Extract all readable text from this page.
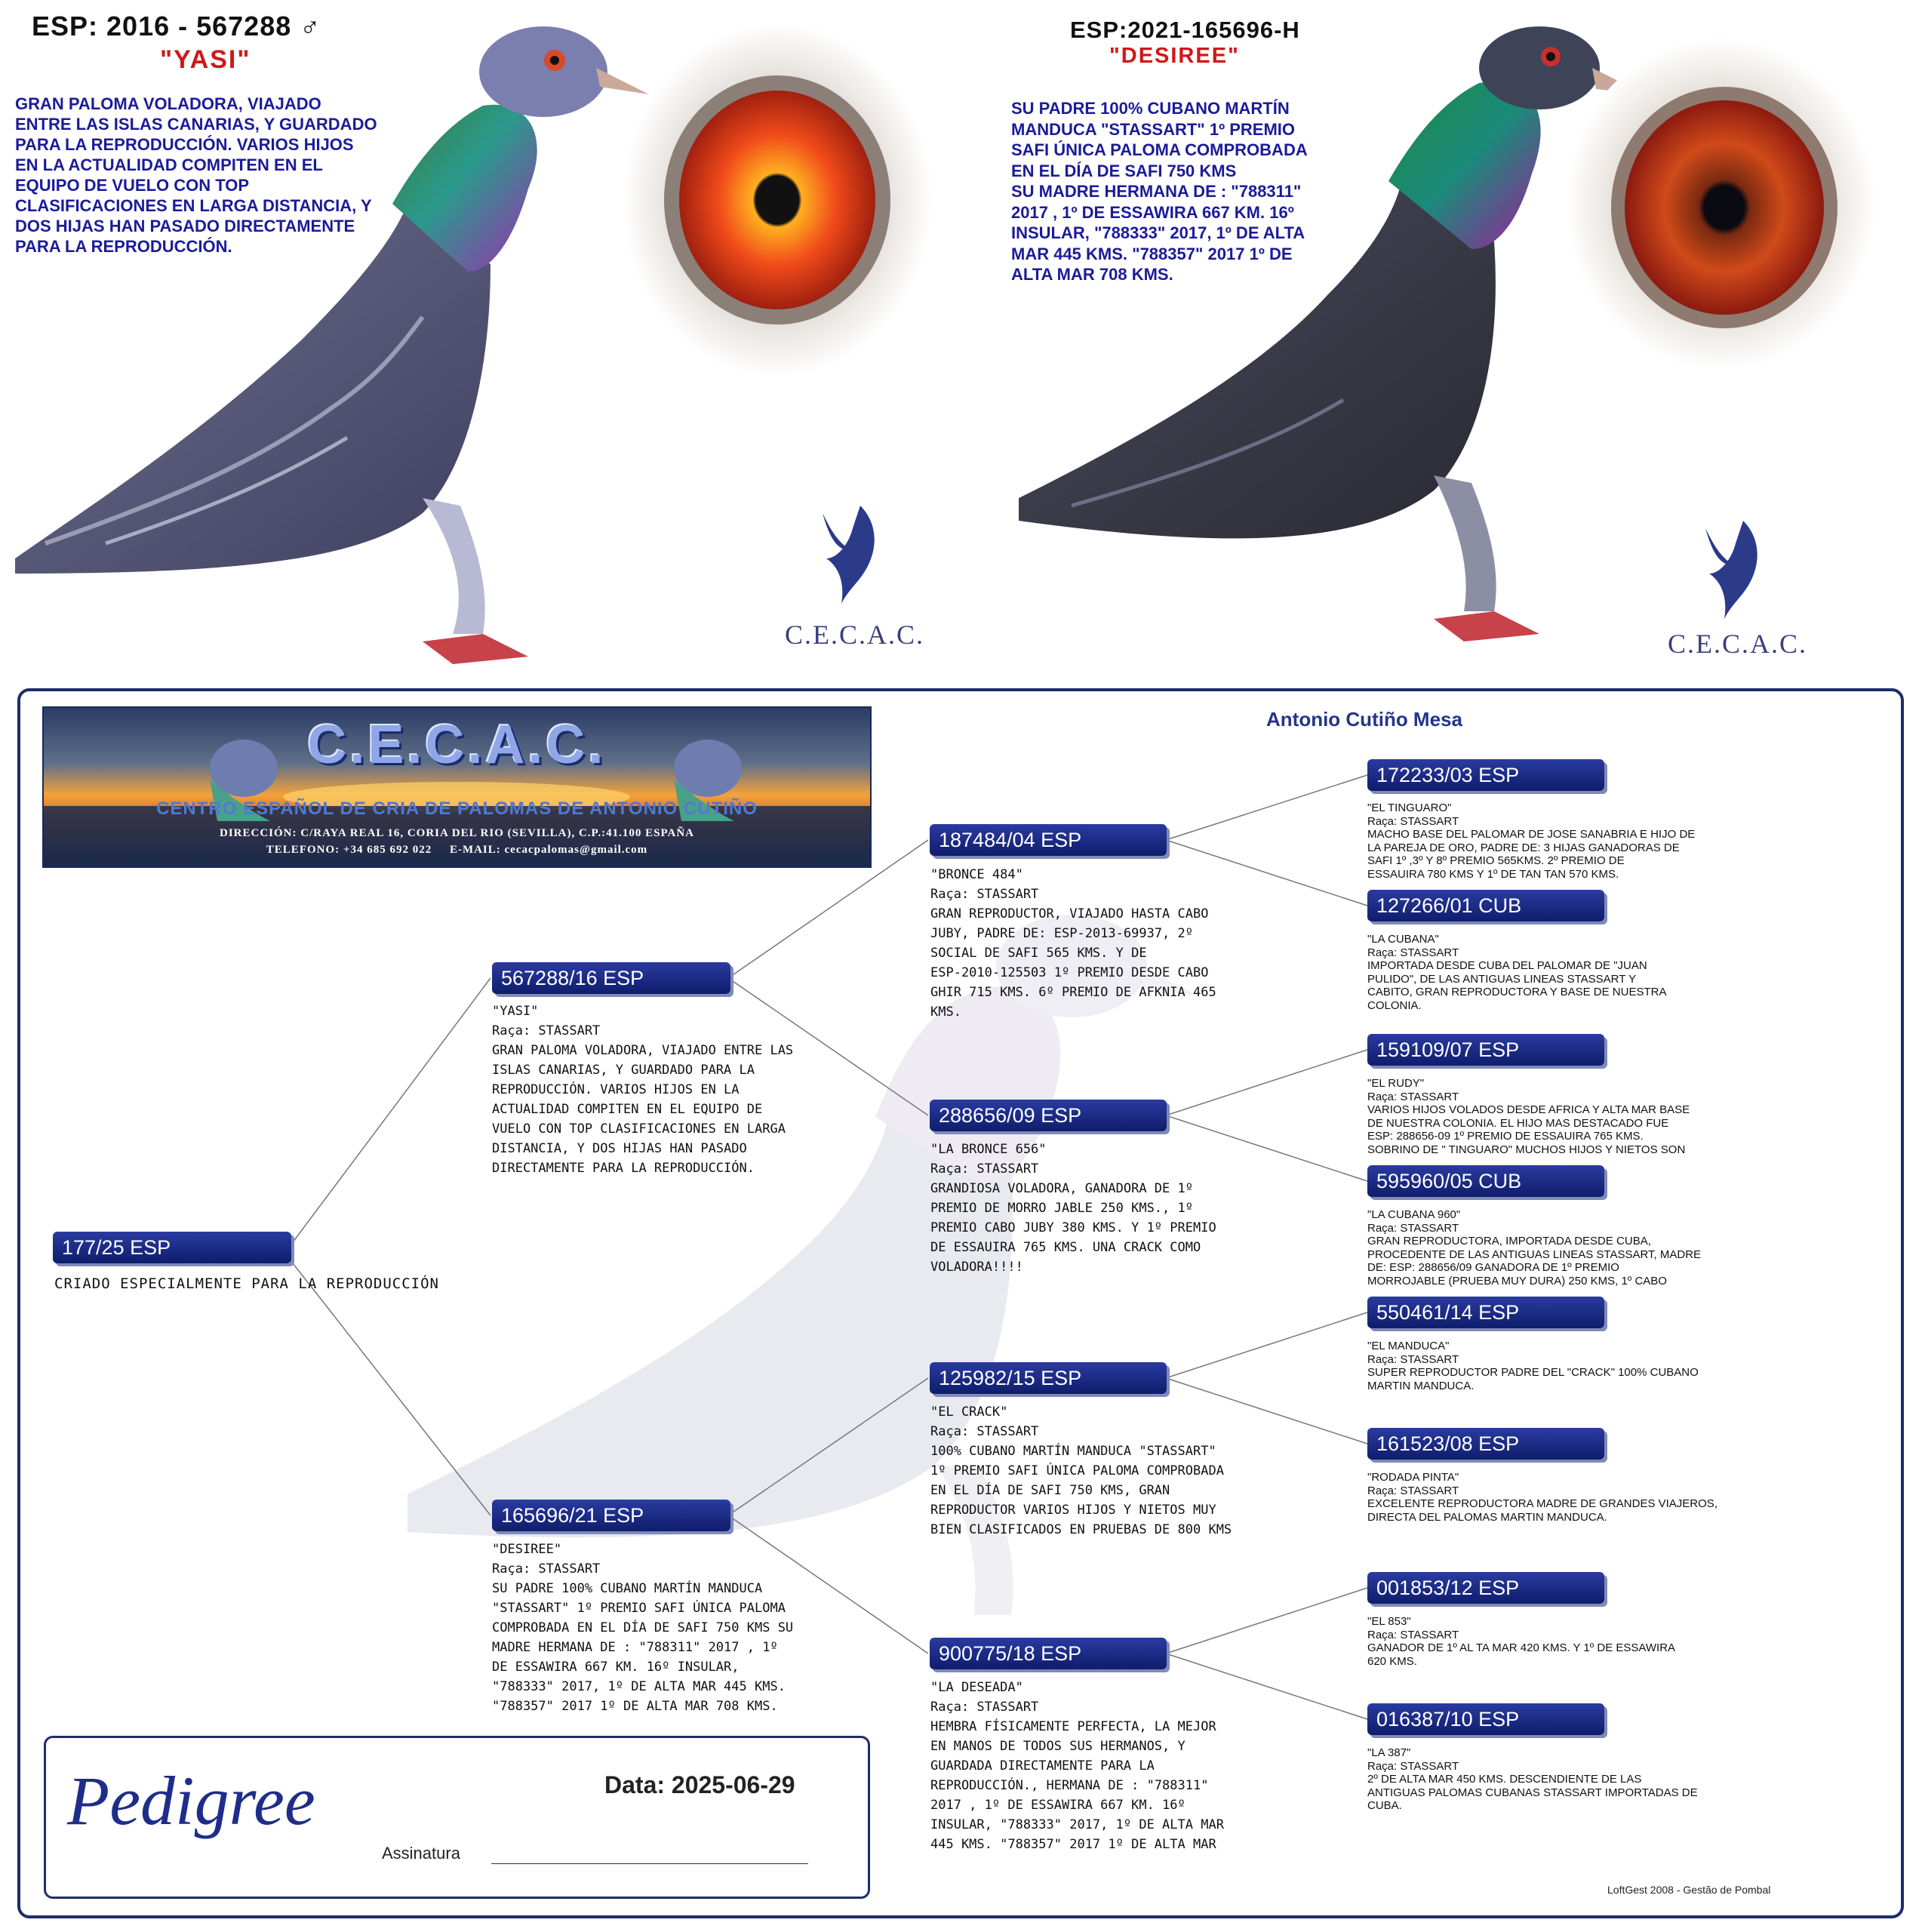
ESP: 2016 - 567288 ♂
"YASI"
GRAN PALOMA VOLADORA, VIAJADO
ENTRE LAS ISLAS CANARIAS, Y GUARDADO
PARA LA REPRODUCCIÓN. VARIOS HIJOS
EN LA ACTUALIDAD COMPITEN EN EL
EQUIPO DE VUELO CON TOP
CLASIFICACIONES EN LARGA DISTANCIA, Y
DOS HIJAS HAN PASADO DIRECTAMENTE
PARA LA REPRODUCCIÓN.
C.E.C.A.C.
ESP:2021-165696-H
"DESIREE"
SU PADRE 100% CUBANO MARTÍN
MANDUCA "STASSART" 1º PREMIO
SAFI ÚNICA PALOMA COMPROBADA
EN EL DÍA DE SAFI 750 KMS
SU MADRE HERMANA DE : "788311"
2017 , 1º DE ESSAWIRA 667 KM. 16º
INSULAR, "788333" 2017, 1º DE ALTA
MAR 445 KMS. "788357" 2017 1º DE
ALTA MAR 708 KMS.
C.E.C.A.C.
C.E.C.A.C.
CENTRO ESPAÑOL DE CRIA DE PALOMAS DE ANTONIO CUTIÑO
DIRECCIÓN: C/RAYA REAL 16, CORIA DEL RIO (SEVILLA), C.P.:41.100 ESPAÑA
TELEFONO: +34 685 692 022     E-MAIL: cecacpalomas@gmail.com
Antonio Cutiño Mesa
177/25 ESP
CRIADO ESPECIALMENTE PARA LA REPRODUCCIÓN
567288/16 ESP
"YASI"
Raça: STASSART
GRAN PALOMA VOLADORA, VIAJADO ENTRE LAS
ISLAS CANARIAS, Y GUARDADO PARA LA
REPRODUCCIÓN. VARIOS HIJOS EN LA
ACTUALIDAD COMPITEN EN EL EQUIPO DE
VUELO CON TOP CLASIFICACIONES EN LARGA
DISTANCIA, Y DOS HIJAS HAN PASADO
DIRECTAMENTE PARA LA REPRODUCCIÓN.
165696/21 ESP
"DESIREE"
Raça: STASSART
SU PADRE 100% CUBANO MARTÍN MANDUCA
"STASSART" 1º PREMIO SAFI ÚNICA PALOMA
COMPROBADA EN EL DÍA DE SAFI 750 KMS SU
MADRE HERMANA DE : "788311" 2017 , 1º
DE ESSAWIRA 667 KM. 16º INSULAR,
"788333" 2017, 1º DE ALTA MAR 445 KMS.
"788357" 2017 1º DE ALTA MAR 708 KMS.
187484/04 ESP
"BRONCE 484"
Raça: STASSART
GRAN REPRODUCTOR, VIAJADO HASTA CABO
JUBY, PADRE DE: ESP-2013-69937, 2º
SOCIAL DE SAFI 565 KMS. Y DE
ESP-2010-125503 1º PREMIO DESDE CABO
GHIR 715 KMS. 6º PREMIO DE AFKNIA 465
KMS.
288656/09 ESP
"LA BRONCE 656"
Raça: STASSART
GRANDIOSA VOLADORA, GANADORA DE 1º
PREMIO DE MORRO JABLE 250 KMS., 1º
PREMIO CABO JUBY 380 KMS. Y 1º PREMIO
DE ESSAUIRA 765 KMS. UNA CRACK COMO
VOLADORA!!!!
125982/15 ESP
"EL CRACK"
Raça: STASSART
100% CUBANO MARTÍN MANDUCA "STASSART"
1º PREMIO SAFI ÚNICA PALOMA COMPROBADA
EN EL DÍA DE SAFI 750 KMS, GRAN
REPRODUCTOR VARIOS HIJOS Y NIETOS MUY
BIEN CLASIFICADOS EN PRUEBAS DE 800 KMS
900775/18 ESP
"LA DESEADA"
Raça: STASSART
HEMBRA FÍSICAMENTE PERFECTA, LA MEJOR
EN MANOS DE TODOS SUS HERMANOS, Y
GUARDADA DIRECTAMENTE PARA LA
REPRODUCCIÓN., HERMANA DE : "788311"
2017 , 1º DE ESSAWIRA 667 KM. 16º
INSULAR, "788333" 2017, 1º DE ALTA MAR
445 KMS. "788357" 2017 1º DE ALTA MAR
172233/03 ESP
"EL TINGUARO"
Raça: STASSART
MACHO BASE DEL PALOMAR DE JOSE SANABRIA E HIJO DE
LA PAREJA DE ORO, PADRE DE: 3 HIJAS GANADORAS DE
SAFI 1º ,3º Y 8º PREMIO 565KMS. 2º PREMIO DE
ESSAUIRA 780 KMS Y 1º DE TAN TAN 570 KMS.
127266/01 CUB
"LA CUBANA"
Raça: STASSART
IMPORTADA DESDE CUBA DEL PALOMAR DE "JUAN
PULIDO", DE LAS ANTIGUAS LINEAS STASSART Y
CABITO, GRAN REPRODUCTORA Y BASE DE NUESTRA
COLONIA.
159109/07 ESP
"EL RUDY"
Raça: STASSART
VARIOS HIJOS VOLADOS DESDE AFRICA Y ALTA MAR BASE
DE NUESTRA COLONIA. EL HIJO MAS DESTACADO FUE
ESP: 288656-09 1º PREMIO DE ESSAUIRA 765 KMS.
SOBRINO DE " TINGUARO" MUCHOS HIJOS Y NIETOS SON
595960/05 CUB
"LA CUBANA 960"
Raça: STASSART
GRAN REPRODUCTORA, IMPORTADA DESDE CUBA,
PROCEDENTE DE LAS ANTIGUAS LINEAS STASSART, MADRE
DE: ESP: 288656/09 GANADORA DE 1º PREMIO
MORROJABLE (PRUEBA MUY DURA) 250 KMS, 1º CABO
550461/14 ESP
"EL MANDUCA"
Raça: STASSART
SUPER REPRODUCTOR PADRE DEL "CRACK" 100% CUBANO
MARTIN MANDUCA.
161523/08 ESP
"RODADA PINTA"
Raça: STASSART
EXCELENTE REPRODUCTORA MADRE DE GRANDES VIAJEROS,
DIRECTA DEL PALOMAS MARTIN MANDUCA.
001853/12 ESP
"EL 853"
Raça: STASSART
GANADOR DE 1º AL TA MAR 420 KMS. Y 1º DE ESSAWIRA
620 KMS.
016387/10 ESP
"LA 387"
Raça: STASSART
2º DE ALTA MAR 450 KMS. DESCENDIENTE DE LAS
ANTIGUAS PALOMAS CUBANAS STASSART IMPORTADAS DE
CUBA.
Pedigree	Data: 2025-06-29
Assinatura
LoftGest 2008 - Gestão de Pombal
